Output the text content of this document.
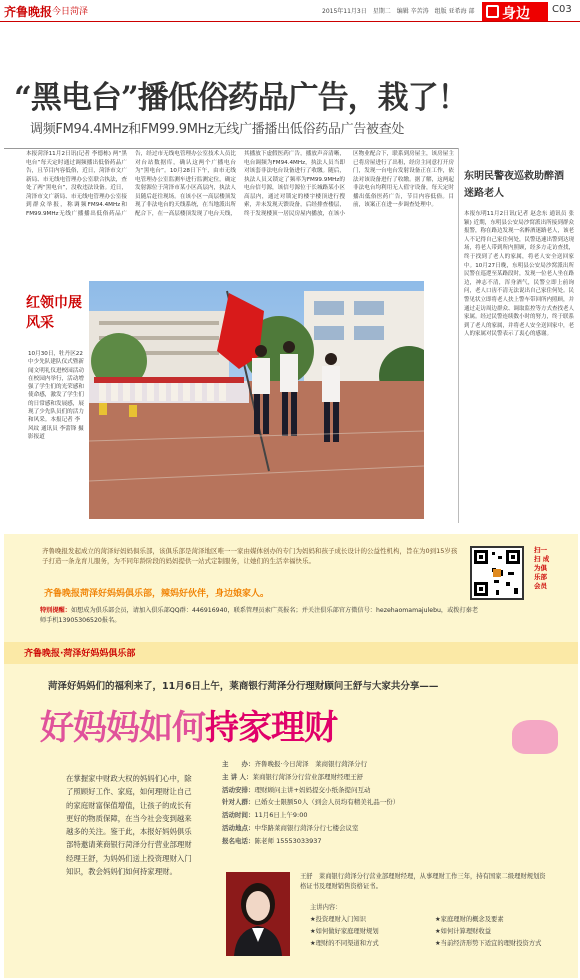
齐鲁晚报 今日菏泽	2015年11月3日　星期二　编辑 辛苦涛　组版 亚希海 部 身边 C03
“黑电台”播低俗药品广告，栽了！
调频FM94.4MHz和FM99.9MHz无线广播播出低俗药品广告被查处
本报菏泽11月2日讯(记者 李德栋) 两“黑电台”每天定时通过调频播出低俗药品广告，且节目内容低俗，近日，菏泽市文广新局、市无线电管理办公室联合执法，查处了两“黑电台”，没收违法设备。近日，菏泽市文广新局、市无线电管理办公室接到群众举报，称调频FM94.4MHz和FM99.9MHz无线广播播出低俗药品广告，经过市无线电管理办公室技术人员比对台站数据库，确认这两个广播电台为“黑电台”。10月28日下午，由市无线电管理办公室监测车进行监测定位，确定发射源位于菏泽市某小区高层内，执法人员随后赶往现场。在该小区一高层楼顶发现了非法电台的天线系统，在当地派出所配合下，在一高层楼顶发现了电台天线，其播放下虚假医药广告，播放声音清晰，电台调频为FM94.4MHz，执法人员当即对该套非法电台设备进行了收缴。随后，执法人员又锁定了频率为FM99.9MHz的电台信号源，该信号源位于长城路某小区高层内，通过对锁定的楼宇楼顶进行搜索，并未发现天馈设备，后经排查楼层，终于发现楼顶一居民房屋内播放，在该小区物业配合下，联系到房屋主，该房屋主已将房屋进行了出租，经房主同意打开房门，发现一台电台发射设备正在工作，依法对该设备进行了收缴。据了解，这两起非法电台均利用无人值守设备，每天定时播出低俗医药广告，节目内容低俗。目前，该案正在进一步调查处理中。
红领巾展风采
10月30日，牡丹区22中少先队建队仪式暨新闻文明礼仪进校园活动在校园内举行，活动增强了学生们的光荣感和使命感，激发了学生们的日常感和发展感，展现了少先队员们的活力和风采。本报记者 李风纹 通讯员 李蕾锋 摄影报道
东明民警夜巡救助醉酒迷路老人
本报东明11月2日讯(记者 赵念东 通讯员 张颖) 近期，东明县公安局沙窝派出所接到群众报警，称在路边发现一名醉酒迷路老人，该老人不记得自己家住何处，民警迅速出警到达现场，将老人带到所内照顾，经多方走访查找，终于找到了老人的家属，将老人安全送回家中。10月27日晚，东明县公安局沙窝派出所民警在巡逻至某路段时，发现一位老人坐在路边，神志不清，浑身酒气，民警立即上前询问，老人口齿不清无法说出自己家住何处。民警见状立即将老人扶上警车带回所内照顾，并通过走访周边群众、调取监控等方式查找老人家属。经过民警连续数小时的努力，终于联系到了老人的家属，并将老人安全送回家中，老人的家属对民警表示了衷心的感谢。
齐鲁晚报发起成立的菏泽好妈妈俱乐部，该俱乐部是菏泽地区唯一一家由媒体创办的专门为妈妈和孩子成长设计的公益性机构，旨在为0到15岁孩子打造一条龙育儿服务，为不同年龄阶段的妈妈提供一站式定制服务，让她们的生活幸福快乐。
齐鲁晚报菏泽好妈妈俱乐部，辣妈好伙伴，身边娘家人。
特别提醒：如想成为俱乐部会员，请加入俱乐部QQ群：446916940，联系管理员索广英报名；并关注俱乐部官方微信号：hezehaomamajulebu，或拨打秦老师手机13905306520报名。
扫一扫 成为俱乐部会员
齐鲁晚报·菏泽好妈妈俱乐部
菏泽好妈妈们的福利来了，11月6日上午，莱商银行菏泽分行理财顾问王舒与大家共分享——
好妈妈如何持家理财
在掌握家中财政大权的妈妈们心中，除了照顾好工作、家庭，如何理财让自己的家庭财富保值增值，让孩子的成长有更好的物质保障，在当今社会变到越来越多的关注。鉴于此，本报好妈妈俱乐部特邀请莱商银行菏泽分行营业部理财经理王舒，为妈妈们送上投资理财入门知识，教会妈妈们如何持家理财。
主　　办：齐鲁晚报·今日菏泽　莱商银行菏泽分行
主 讲 人：莱商银行菏泽分行营业部理财经理王舒
活动安排：理财顾问主讲+妈妈提交小纸条提问互动
针对人群：已婚女士限额50人（到会人员均有精美礼品一份）
活动时间：11月6日上午9:00
活动地点：中华路莱商银行菏泽分行七楼会议室
报名电话：陈老师 15553033937
王舒　莱商银行菏泽分行营业部理财经理，从事理财工作三年，持有国家二级理财规划资格证书及理财销售资格证书。
主讲内容：
★投资理财入门知识	★家庭理财的概念及要素
★如何做好家庭理财规划	★如何计算理财收益
★理财的不同渠道和方式	★当前经济形势下适宜的理财投资方式
